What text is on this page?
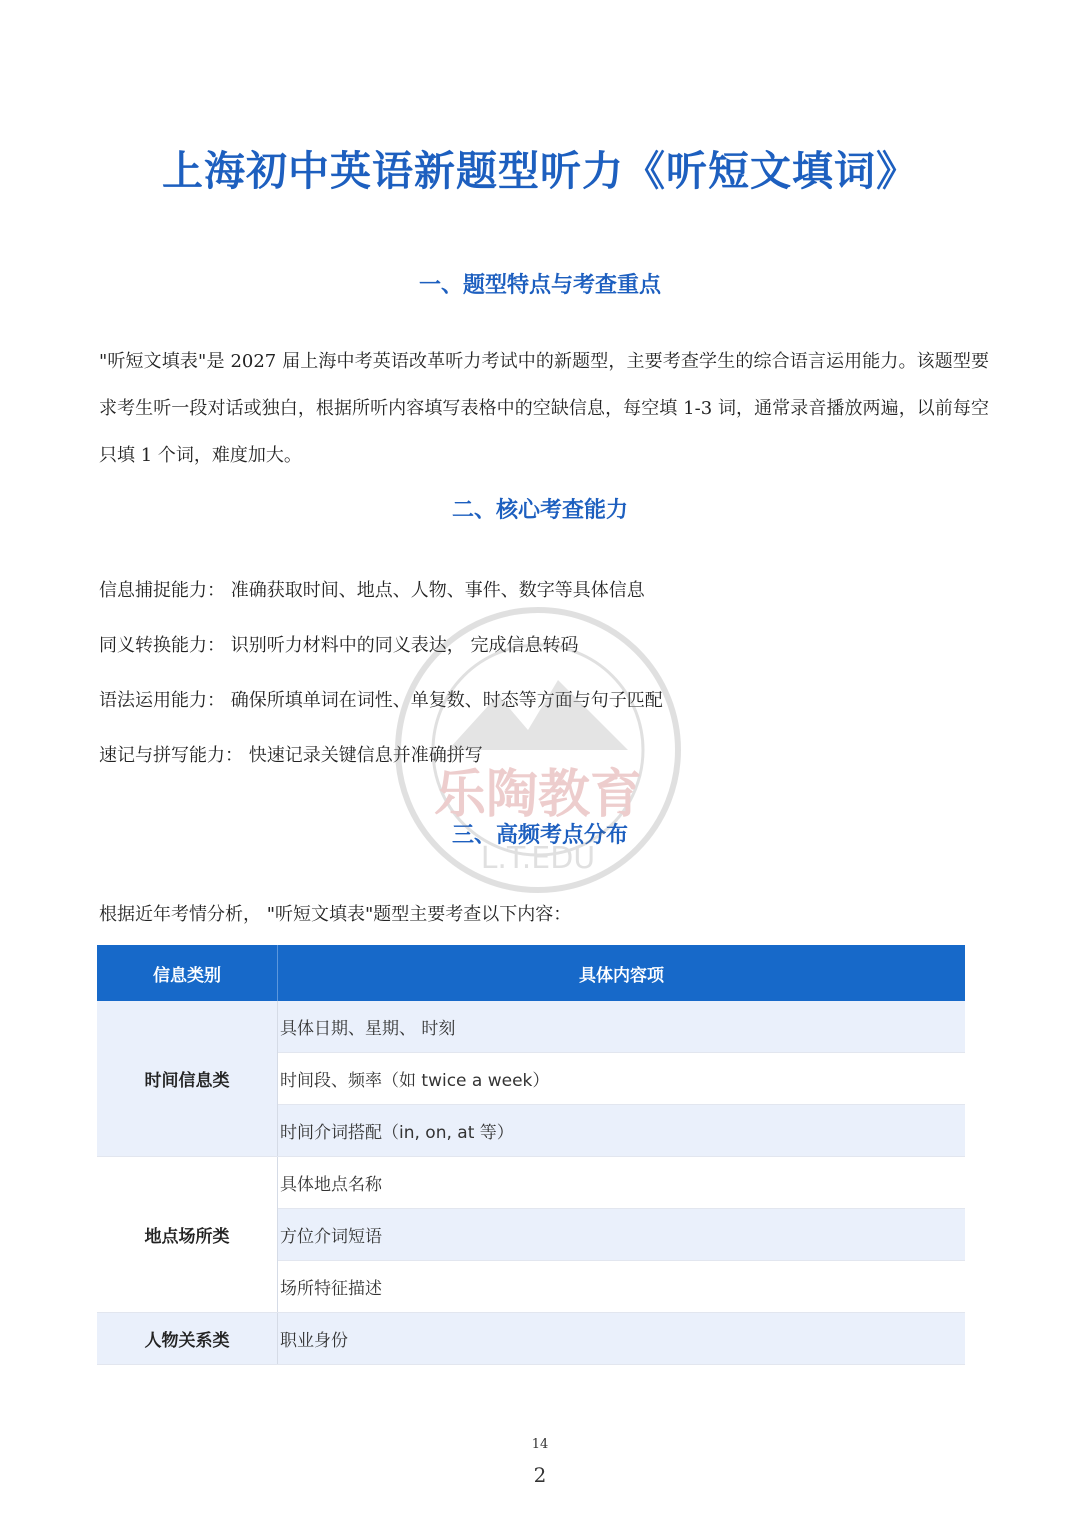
上海初中英语新题型听力《听短文填词》
一、题型特点与考查重点
"听短文填表"是 2027 届上海中考英语改革听力考试中的新题型，主要考查学生的综合语言运用能力。该题型要求考生听一段对话或独白，根据所听内容填写表格中的空缺信息，每空填 1-3 词，通常录音播放两遍，以前每空只填 1 个词，难度加大。
二、核心考查能力
信息捕捉能力： 准确获取时间、地点、人物、事件、数字等具体信息
同义转换能力： 识别听力材料中的同义表达， 完成信息转码
语法运用能力： 确保所填单词在词性、单复数、时态等方面与句子匹配
速记与拼写能力： 快速记录关键信息并准确拼写
三、高频考点分布
根据近年考情分析， "听短文填表"题型主要考查以下内容：
信息类别	具体内容项
时间信息类	具体日期、星期、 时刻
	时间段、频率（如 twice a week）
	时间介词搭配（in, on, at 等）
地点场所类	具体地点名称
	方位介词短语
	场所特征描述
人物关系类	职业身份
乐陶教育
L.T.EDU
14
2
